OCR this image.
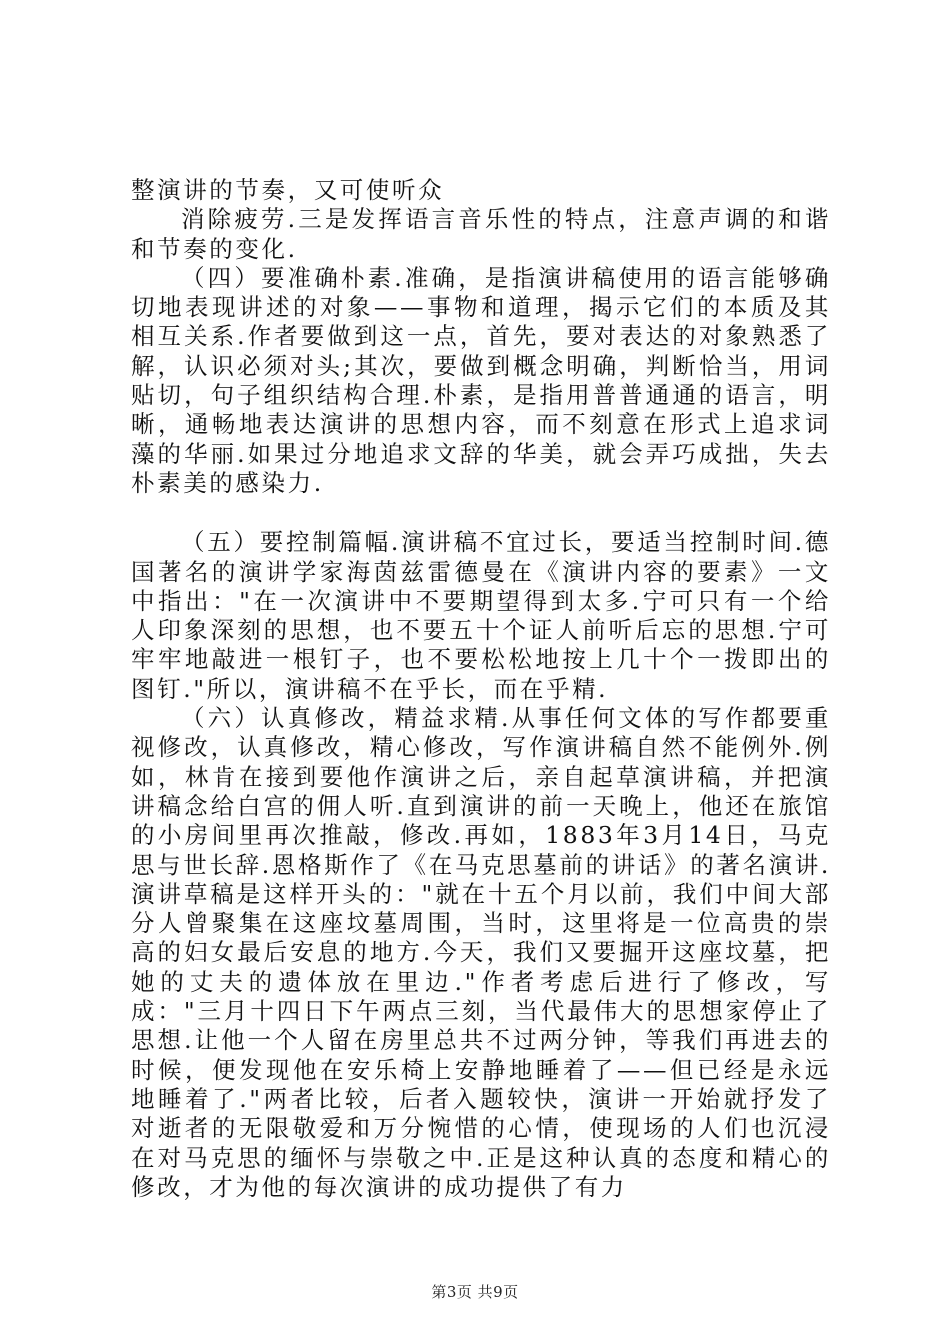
整演讲的节奏，又可使听众

消除疲劳.三是发挥语言音乐性的特点，注意声调的和谐和节奏的变化.

（四）要准确朴素.准确，是指演讲稿使用的语言能够确切地表现讲述的对象——事物和道理，揭示它们的本质及其相互关系.作者要做到这一点，首先，要对表达的对象熟悉了解，认识必须对头;其次，要做到概念明确，判断恰当，用词贴切，句子组织结构合理.朴素，是指用普普通通的语言，明晰，通畅地表达演讲的思想内容，而不刻意在形式上追求词藻的华丽.如果过分地追求文辞的华美，就会弄巧成拙，失去朴素美的感染力.

（五）要控制篇幅.演讲稿不宜过长，要适当控制时间.德国著名的演讲学家海茵兹雷德曼在《演讲内容的要素》一文中指出："在一次演讲中不要期望得到太多.宁可只有一个给人印象深刻的思想，也不要五十个证人前听后忘的思想.宁可牢牢地敲进一根钉子，也不要松松地按上几十个一拨即出的图钉."所以，演讲稿不在乎长，而在乎精.

（六）认真修改，精益求精.从事任何文体的写作都要重视修改，认真修改，精心修改，写作演讲稿自然不能例外.例如，林肯在接到要他作演讲之后，亲自起草演讲稿，并把演讲稿念给白宫的佣人听.直到演讲的前一天晚上，他还在旅馆的小房间里再次推敲，修改.再如，1883年3月14日，马克思与世长辞.恩格斯作了《在马克思墓前的讲话》的著名演讲.演讲草稿是这样开头的："就在十五个月以前，我们中间大部分人曾聚集在这座坟墓周围，当时，这里将是一位高贵的崇高的妇女最后安息的地方.今天，我们又要掘开这座坟墓，把她的丈夫的遗体放在里边."作者考虑后进行了修改，写成："三月十四日下午两点三刻，当代最伟大的思想家停止了思想.让他一个人留在房里总共不过两分钟，等我们再进去的时候，便发现他在安乐椅上安静地睡着了——但已经是永远地睡着了."两者比较，后者入题较快，演讲一开始就抒发了对逝者的无限敬爱和万分惋惜的心情，使现场的人们也沉浸在对马克思的缅怀与崇敬之中.正是这种认真的态度和精心的修改，才为他的每次演讲的成功提供了有力

第3页 共9页
